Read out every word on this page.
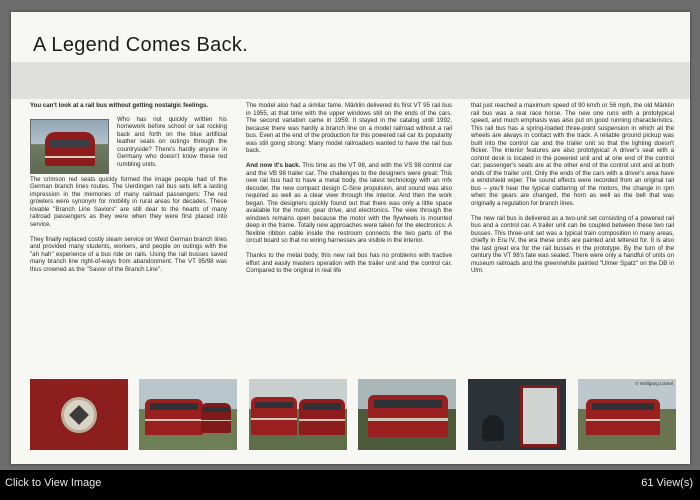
A Legend Comes Back.
You can't look at a rail bus without getting nostalgic feelings.

Who has not quickly written his homework before school or sat rocking back and forth on the blue artificial leather seats on outings through the countryside? There's hardly anyone in Germany who doesn't know these red rumbling units.

The crimson red seats quickly formed the image people had of the German branch lines routes. The Uerdingen rail bus sets left a lasting impression in the memories of many railroad passengers: The red growlers were synonym for mobility in rural areas for decades. These lovable "Branch Line Saviors" are still dear to the hearts of many railroad passengers as they were when they were first placed into service.

They finally replaced costly steam service on West German branch lines and provided many students, workers, and people on outings with the "ah hah" experience of a bus ride on rails. Using the rail busses saved many branch line right-of-ways from abandonment. The VT 95/98 was thus crowned as the "Savior of the Branch Line".

The model also had a similar fame. Märklin delivered its first VT 95 rail bus in 1955, at that time with the upper windows still on the ends of the cars. The second variation came in 1959. It stayed in the catalog until 1992, because there was hardly a branch line on a model railroad without a rail bus. Even at the end of the production for this powered rail car its popularity was still going strong: Many model railroaders wanted to have the rail bus back.

And now it's back. This time as the VT 98, and with the VS 98 control car and the VB 98 trailer car. The challenges to the designers were great: This new rail bus had to have a metal body, the latest technology with an mfx decoder, the new compact design C-Sine propulsion, and sound was also required as well as a clear view through the interior. And then the work began. The designers quickly found out that there was only a little space available for the motor, gear drive, and electronics. The view through the windows remains open because the motor with the flywheels is mounted deep in the frame. Totally new approaches were taken for the electronics: A flexible ribbon cable inside the restroom connects the two parts of the circuit board so that no wiring harnesses are visible in the interior.

Thanks to the metal body, this new rail bus has no problems with tractive effort and easily masters operation with the trailer unit and the control car. Compared to the original in real life

that just reached a maximum speed of 90 km/h or 56 mph, the old Märklin rail bus was a real race horse. The new one runs with a prototypical speed, and much emphasis was also put on good running characteristics. This rail bus has a spring-loaded three-point suspension in which all the wheels are always in contact with the track. A reliable ground pickup was built into the control car and the trailer unit so that the lighting doesn't flicker. The interior features are also prototypical: A driver's seat with a control desk is located in the powered unit and at one end of the control car; passenger's seats are at the other end of the control unit and at both ends of the trailer unit. Only the ends of the cars with a driver's area have a windshield wiper. The sound effects were recorded from an original rail bus – you'll hear the typical clattering of the motors, the change in rpm when the gears are changed, the horn as well as the bell that was originally a regulation for branch lines.

The new rail bus is delivered as a two-unit set consisting of a powered rail bus and a control car. A trailer unit can be coupled between these two rail busses. This three-unit set was a typical train composition in many areas, chiefly in Era IV, the era these units are painted and lettered for. It is also the last great era for the rail busses in the prototype. By the turn of the century the VT 98's fate was sealed. There were only a handful of units on museum railroads and the green/white painted "Ulmer Spatz" on the DB in Ulm.

© Wolfgang Löckel
Click to View Image	61 View(s)
